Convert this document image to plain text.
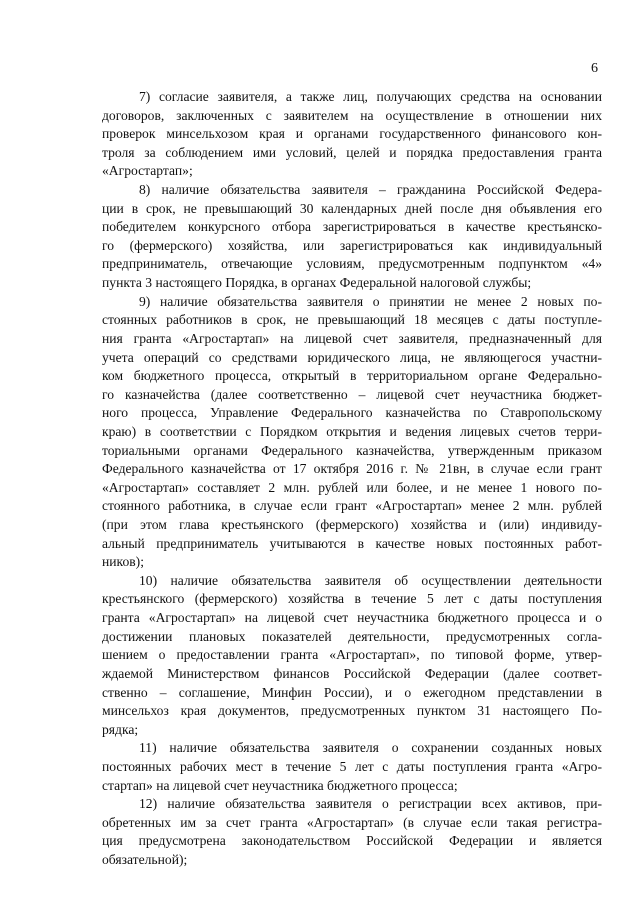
6
7) согласие заявителя, а также лиц, получающих средства на основании
договоров, заключенных с заявителем на осуществление в отношении них
проверок минсельхозом края и органами государственного финансового кон-
троля за соблюдением ими условий, целей и порядка предоставления гранта
«Агростартап»;
8) наличие обязательства заявителя – гражданина Российской Федера-
ции в срок, не превышающий 30 календарных дней после дня объявления его
победителем конкурсного отбора зарегистрироваться в качестве крестьянско-
го (фермерского) хозяйства, или зарегистрироваться как индивидуальный
предприниматель, отвечающие условиям, предусмотренным подпунктом «4»
пункта 3 настоящего Порядка, в органах Федеральной налоговой службы;
9) наличие обязательства заявителя о принятии не менее 2 новых по-
стоянных работников в срок, не превышающий 18 месяцев с даты поступле-
ния гранта «Агростартап» на лицевой счет заявителя, предназначенный для
учета операций со средствами юридического лица, не являющегося участни-
ком бюджетного процесса, открытый в территориальном органе Федерально-
го казначейства (далее соответственно – лицевой счет неучастника бюджет-
ного процесса, Управление Федерального казначейства по Ставропольскому
краю) в соответствии с Порядком открытия и ведения лицевых счетов терри-
ториальными органами Федерального казначейства, утвержденным приказом
Федерального казначейства от 17 октября 2016 г. № 21вн, в случае если грант
«Агростартап» составляет 2 млн. рублей или более, и не менее 1 нового по-
стоянного работника, в случае если грант «Агростартап» менее 2 млн. рублей
(при этом глава крестьянского (фермерского) хозяйства и (или) индивиду-
альный предприниматель учитываются в качестве новых постоянных работ-
ников);
10) наличие обязательства заявителя об осуществлении деятельности
крестьянского (фермерского) хозяйства в течение 5 лет с даты поступления
гранта «Агростартап» на лицевой счет неучастника бюджетного процесса и о
достижении плановых показателей деятельности, предусмотренных согла-
шением о предоставлении гранта «Агростартап», по типовой форме, утвер-
ждаемой Министерством финансов Российской Федерации (далее соответ-
ственно – соглашение, Минфин России), и о ежегодном представлении в
минсельхоз края документов, предусмотренных пунктом 31 настоящего По-
рядка;
11) наличие обязательства заявителя о сохранении созданных новых
постоянных рабочих мест в течение 5 лет с даты поступления гранта «Агро-
стартап» на лицевой счет неучастника бюджетного процесса;
12) наличие обязательства заявителя о регистрации всех активов, при-
обретенных им за счет гранта «Агростартап» (в случае если такая регистра-
ция предусмотрена законодательством Российской Федерации и является
обязательной);
